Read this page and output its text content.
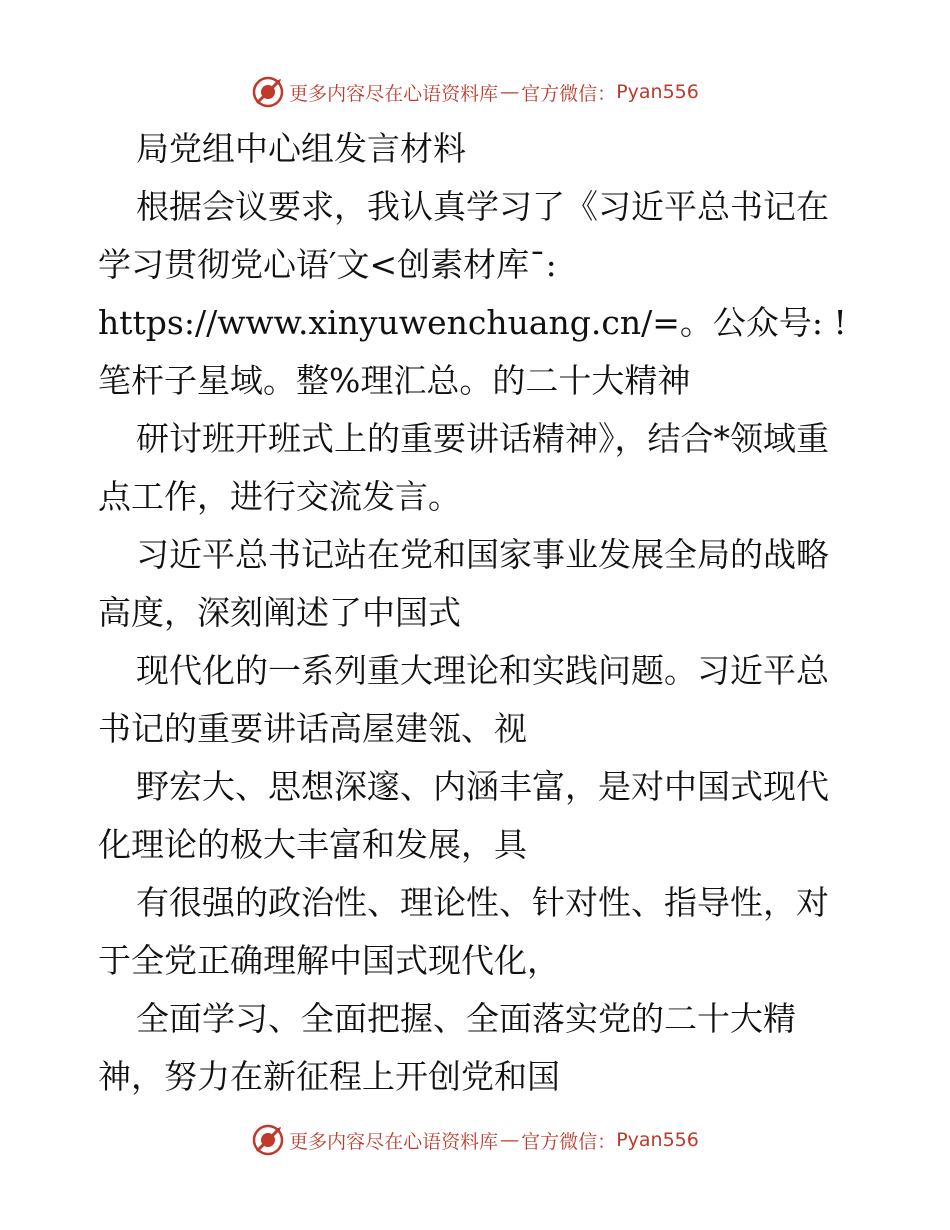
更多内容尽在心语资料库 — 官方微信： Pyan556

局党组中心组发言材料

根据会议要求，我认真学习了《习近平总书记在学习贯彻党心语′文<创素材库¯: https://www.xinyuwenchuang.cn/=。公众号: ! 笔杆子星域。整%理汇总。的二十大精神

研讨班开班式上的重要讲话精神》，结合*领域重点工作，进行交流发言。

习近平总书记站在党和国家事业发展全局的战略高度，深刻阐述了中国式

现代化的一系列重大理论和实践问题。习近平总书记的重要讲话高屋建瓴、视

野宏大、思想深邃、内涵丰富，是对中国式现代化理论的极大丰富和发展，具

有很强的政治性、理论性、针对性、指导性，对于全党正确理解中国式现代化，

全面学习、全面把握、全面落实党的二十大精神，努力在新征程上开创党和国

更多内容尽在心语资料库 — 官方微信： Pyan556
